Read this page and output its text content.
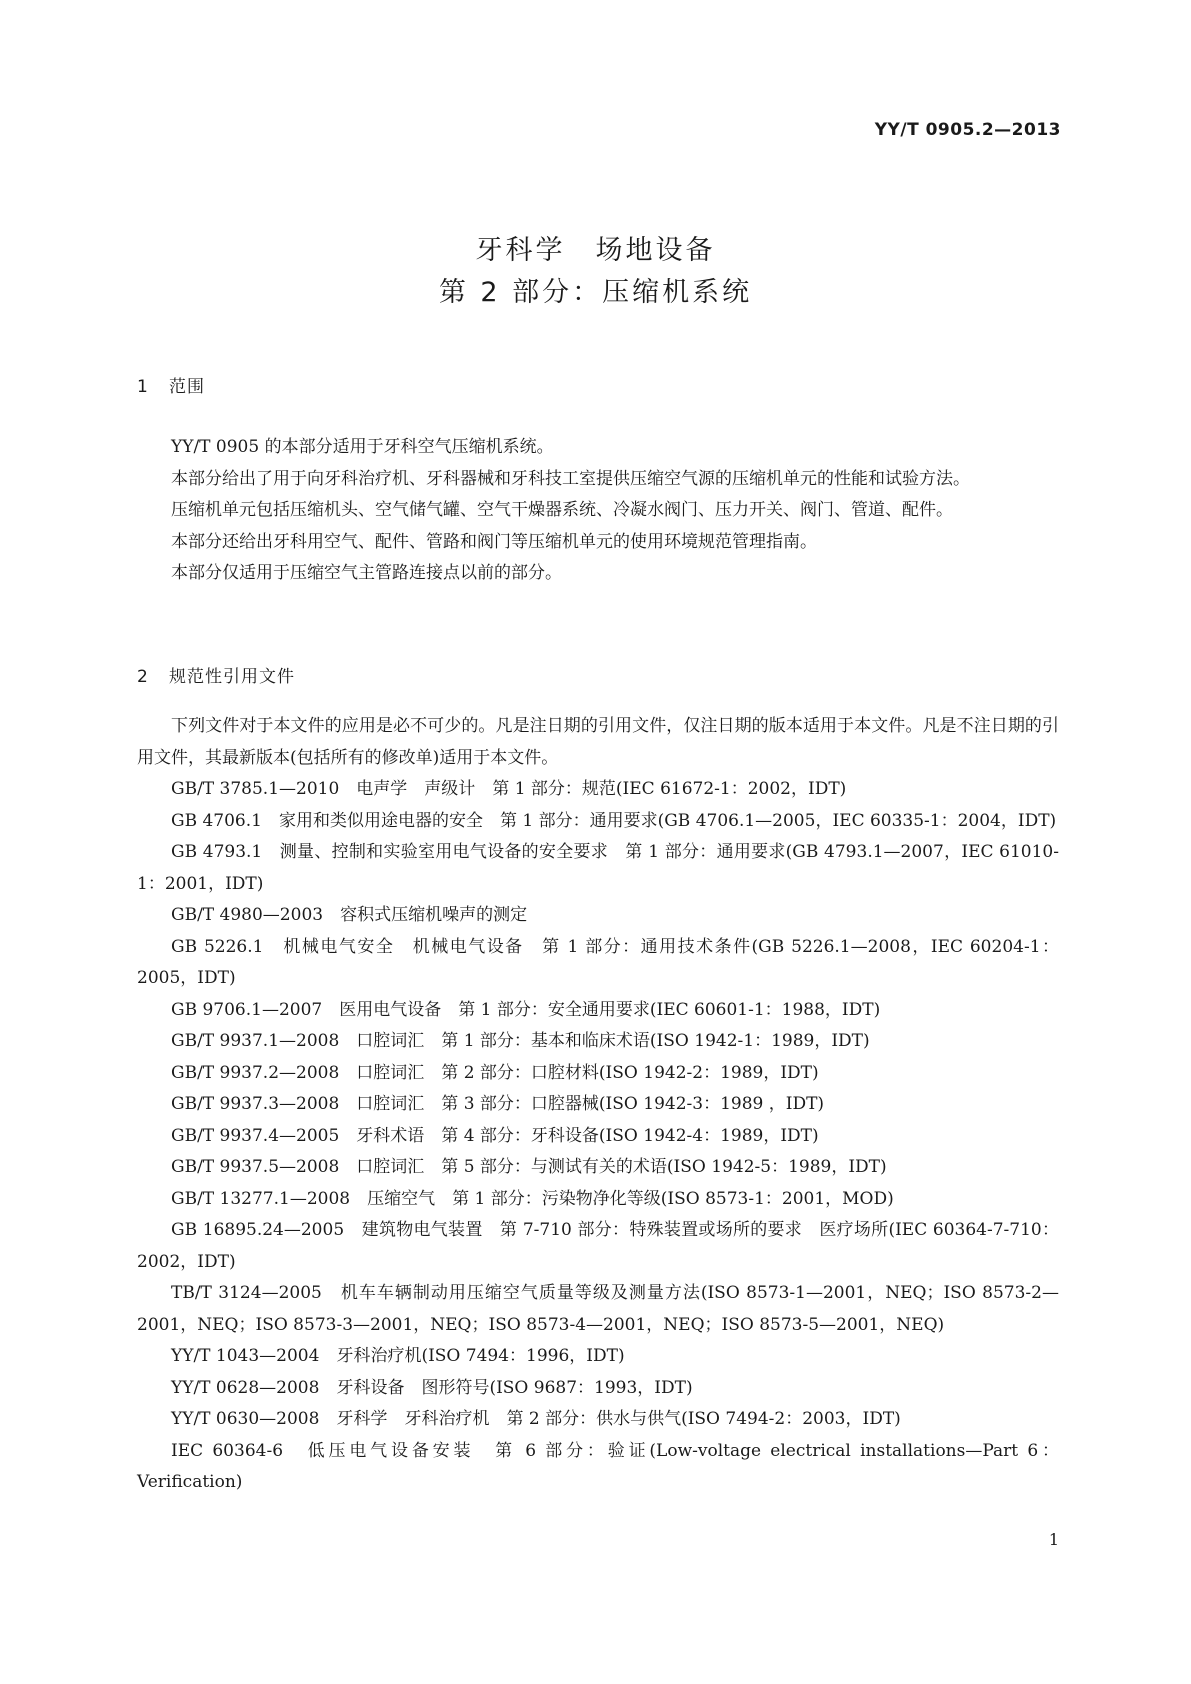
YY/T 0905.2—2013
牙科学　场地设备
第 2 部分：压缩机系统
1 范围

YY/T 0905 的本部分适用于牙科空气压缩机系统。

本部分给出了用于向牙科治疗机、牙科器械和牙科技工室提供压缩空气源的压缩机单元的性能和试验方法。

压缩机单元包括压缩机头、空气储气罐、空气干燥器系统、冷凝水阀门、压力开关、阀门、管道、配件。

本部分还给出牙科用空气、配件、管路和阀门等压缩机单元的使用环境规范管理指南。

本部分仅适用于压缩空气主管路连接点以前的部分。

2 规范性引用文件

下列文件对于本文件的应用是必不可少的。凡是注日期的引用文件，仅注日期的版本适用于本文件。凡是不注日期的引用文件，其最新版本(包括所有的修改单)适用于本文件。

GB/T 3785.1—2010　电声学　声级计　第 1 部分：规范(IEC 61672-1：2002，IDT)

GB 4706.1　家用和类似用途电器的安全　第 1 部分：通用要求(GB 4706.1—2005，IEC 60335-1：2004，IDT)

GB 4793.1　测量、控制和实验室用电气设备的安全要求　第 1 部分：通用要求(GB 4793.1—2007，IEC 61010-1：2001，IDT)

GB/T 4980—2003　容积式压缩机噪声的测定

GB 5226.1　机械电气安全　机械电气设备　第 1 部分：通用技术条件(GB 5226.1—2008，IEC 60204-1：2005，IDT)

GB 9706.1—2007　医用电气设备　第 1 部分：安全通用要求(IEC 60601-1：1988，IDT)

GB/T 9937.1—2008　口腔词汇　第 1 部分：基本和临床术语(ISO 1942-1：1989，IDT)

GB/T 9937.2—2008　口腔词汇　第 2 部分：口腔材料(ISO 1942-2：1989，IDT)

GB/T 9937.3—2008　口腔词汇　第 3 部分：口腔器械(ISO 1942-3：1989 ，IDT)

GB/T 9937.4—2005　牙科术语　第 4 部分：牙科设备(ISO 1942-4：1989，IDT)

GB/T 9937.5—2008　口腔词汇　第 5 部分：与测试有关的术语(ISO 1942-5：1989，IDT)

GB/T 13277.1—2008　压缩空气　第 1 部分：污染物净化等级(ISO 8573-1：2001，MOD)

GB 16895.24—2005　建筑物电气装置　第 7-710 部分：特殊装置或场所的要求　医疗场所(IEC 60364-7-710：2002，IDT)

TB/T 3124—2005　机车车辆制动用压缩空气质量等级及测量方法(ISO 8573-1—2001，NEQ；ISO 8573-2—2001，NEQ；ISO 8573-3—2001，NEQ；ISO 8573-4—2001，NEQ；ISO 8573-5—2001，NEQ)

YY/T 1043—2004　牙科治疗机(ISO 7494：1996，IDT)

YY/T 0628—2008　牙科设备　图形符号(ISO 9687：1993，IDT)

YY/T 0630—2008　牙科学　牙科治疗机　第 2 部分：供水与供气(ISO 7494-2：2003，IDT)

IEC 60364-6　低压电气设备安装　第 6 部分：验证(Low-voltage electrical installations—Part 6：Verification)

1
